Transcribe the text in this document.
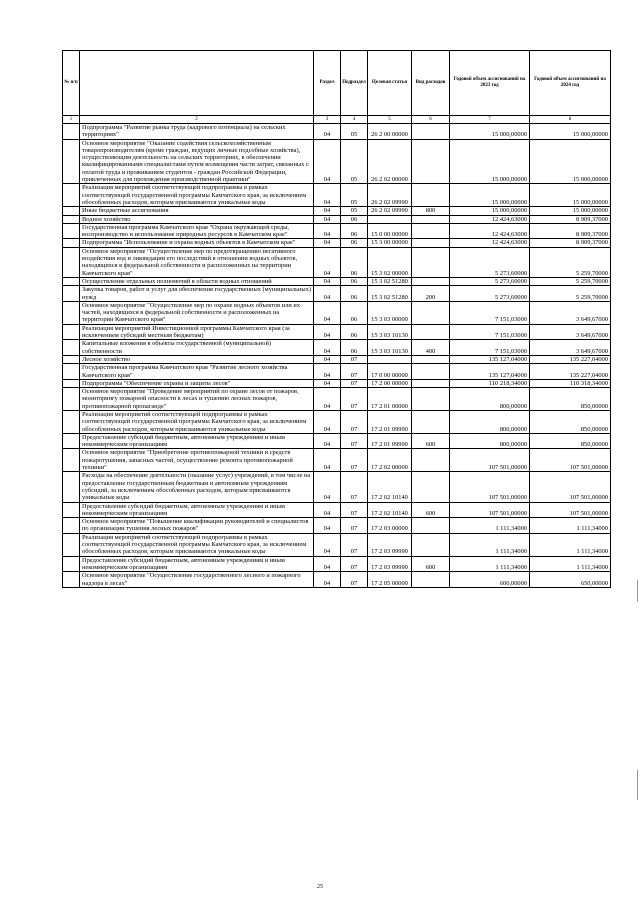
№ п/п		Раздел	Подраздел	Целевая статья	Вид расходов	Годовой объем ассигнований на 2023 год	Годовой объем ассигнований на 2024 год
1	2	3	4	5	6	7	8
	Подпрограмма "Развитие рынка труда (кадрового потенциала) на сельских территориях"	04	05	26 2 00 00000		15 000,00000	15 000,00000
	Основное мероприятие "Оказание содействия сельскохозяйственным товаропроизводителям (кроме граждан, ведущих личные подсобные хозяйства), осуществляющим деятельность на сельских территориях, в обеспечении квалифицированными специалистами путем возмещения части затрат, связанных с оплатой труда и проживанием студентов - граждан Российской Федерации, привлеченных для прохождения производственной практики"	04	05	26 2 02 00000		15 000,00000	15 000,00000
	Реализация мероприятий соответствующей подпрограммы в рамках соответствующей государственной программы Камчатского края, за исключением обособленных расходов, которым присваиваются уникальные коды	04	05	26 2 02 09990		15 000,00000	15 000,00000
	Иные бюджетные ассигнования	04	05	26 2 02 09990	800	15 000,00000	15 000,00000
	Водное хозяйство	04	06			12 424,63000	8 909,37000
	Государственная программа Камчатского края "Охрана окружающей среды, воспроизводство и использование природных ресурсов в Камчатском крае"	04	06	15 0 00 00000		12 424,63000	8 909,37000
	Подпрограмма "Использование и охрана водных объектов в Камчатском крае"	04	06	15 3 00 00000		12 424,63000	8 909,37000
	Основное мероприятие "Осуществление мер по предотвращению негативного воздействия вод и ликвидации его последствий в отношении водных объектов, находящихся в федеральной собственности и расположенных на территории Камчатского края"	04	06	15 3 02 00000		5 273,60000	5 259,70000
	Осуществление отдельных полномочий в области водных отношений	04	06	15 3 02 51280		5 273,60000	5 259,70000
	Закупка товаров, работ и услуг для обеспечения государственных (муниципальных) нужд	04	06	15 3 02 51280	200	5 273,60000	5 259,70000
	Основное мероприятие "Осуществление мер по охране водных объектов или их частей, находящихся в федеральной собственности и расположенных на территории Камчатского края"	04	06	15 3 03 00000		7 151,03000	3 649,67000
	Реализация мероприятий Инвестиционной программы Камчатского края (за исключением субсидий местным бюджетам)	04	06	15 3 03 10130		7 151,03000	3 649,67000
	Капитальные вложения в объекты государственной (муниципальной) собственности	04	06	15 3 03 10130	400	7 151,03000	3 649,67000
	Лесное хозяйство	04	07			135 127,04000	135 227,04000
	Государственная программа Камчатского края "Развитие лесного хозяйства Камчатского края"	04	07	17 0 00 00000		135 127,04000	135 227,04000
	Подпрограмма "Обеспечение охраны и защиты лесов"	04	07	17 2 00 00000		110 218,34000	110 318,34000
	Основное мероприятие "Проведение мероприятий по охране лесов от пожаров, мониторингу пожарной опасности в лесах и тушению лесных пожаров, противопожарной пропаганде"	04	07	17 2 01 00000		800,00000	850,00000
	Реализация мероприятий соответствующей подпрограммы в рамках соответствующей государственной программы Камчатского края, за исключением обособленных расходов, которым присваиваются уникальные коды	04	07	17 2 01 09990		800,00000	850,00000
	Предоставление субсидий бюджетным, автономным учреждениям и иным некоммерческим организациям	04	07	17 2 01 09990	600	800,00000	850,00000
	Основное мероприятие "Приобретение противопожарной техники и средств пожаротушения, запасных частей, осуществление ремонта противопожарной техники"	04	07	17 2 02 00000		107 501,00000	107 501,00000
	Расходы на обеспечение деятельности (оказание услуг) учреждений, в том числе на предоставление государственным бюджетным и автономным учреждениям субсидий, за исключением обособленных расходов, которым присваиваются уникальные коды	04	07	17 2 02 10140		107 501,00000	107 501,00000
	Предоставление субсидий бюджетным, автономным учреждениям и иным некоммерческим организациям	04	07	17 2 02 10140	600	107 501,00000	107 501,00000
	Основное мероприятие "Повышение квалификации руководителей и специалистов по организации тушения лесных пожаров"	04	07	17 2 03 00000		1 111,34000	1 111,34000
	Реализация мероприятий соответствующей подпрограммы в рамках соответствующей государственной программы Камчатского края, за исключением обособленных расходов, которым присваиваются уникальные коды	04	07	17 2 03 09990		1 111,34000	1 111,34000
	Предоставление субсидий бюджетным, автономным учреждениям и иным некоммерческим организациям	04	07	17 2 03 09990	600	1 111,34000	1 111,34000
	Основное мероприятие "Осуществление государственного лесного и пожарного надзора в лесах"	04	07	17 2 05 00000		600,00000	650,00000
25
